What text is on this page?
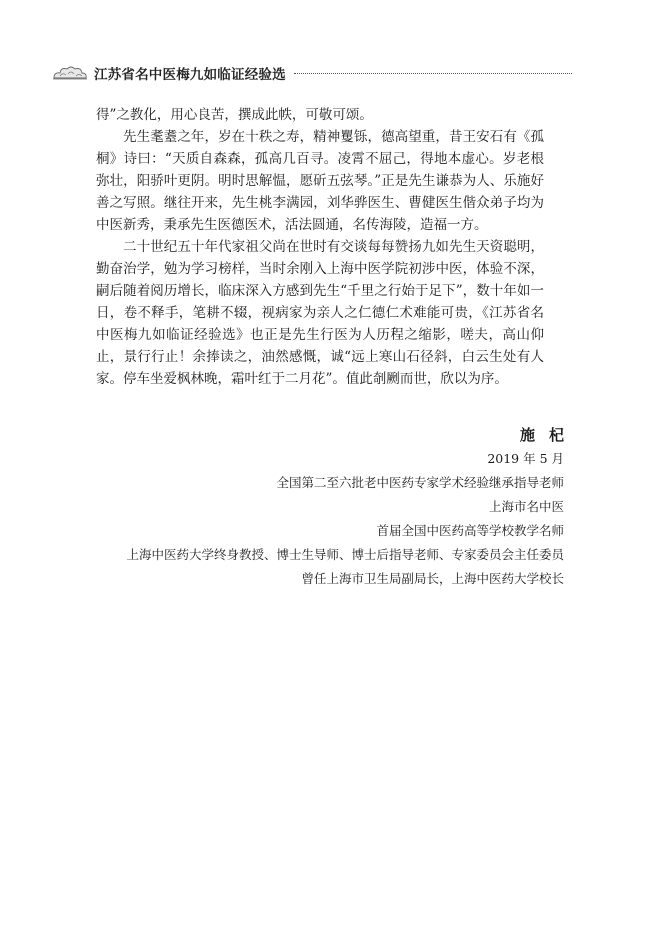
江苏省名中医梅九如临证经验选

得”之教化，用心良苦，撰成此帙，可敬可颂。

先生耄耋之年，岁在十秩之寿，精神矍铄，德高望重，昔王安石有《孤桐》诗曰：“天质自森森，孤高几百寻。凌霄不屈己，得地本虚心。岁老根弥壮，阳骄叶更阴。明时思解愠，愿斫五弦琴。”正是先生谦恭为人、乐施好善之写照。继往开来，先生桃李满园，刘华骅医生、曹健医生偕众弟子均为中医新秀，秉承先生医德医术，活法圆通，名传海陵，造福一方。

二十世纪五十年代家祖父尚在世时有交谈每每赞扬九如先生天资聪明，勤奋治学，勉为学习榜样，当时余刚入上海中医学院初涉中医，体验不深，嗣后随着阅历增长，临床深入方感到先生“千里之行始于足下”，数十年如一日，卷不释手，笔耕不辍，视病家为亲人之仁德仁术难能可贵，《江苏省名中医梅九如临证经验选》也正是先生行医为人历程之缩影，嗟夫，高山仰止，景行行止！余捧读之，油然感慨，诚“远上寒山石径斜，白云生处有人家。停车坐爱枫林晚，霜叶红于二月花”。值此剞劂而世，欣以为序。

施杞
2019 年 5 月
全国第二至六批老中医药专家学术经验继承指导老师
上海市名中医
首届全国中医药高等学校教学名师
上海中医药大学终身教授、博士生导师、博士后指导老师、专家委员会主任委员
曾任上海市卫生局副局长，上海中医药大学校长
